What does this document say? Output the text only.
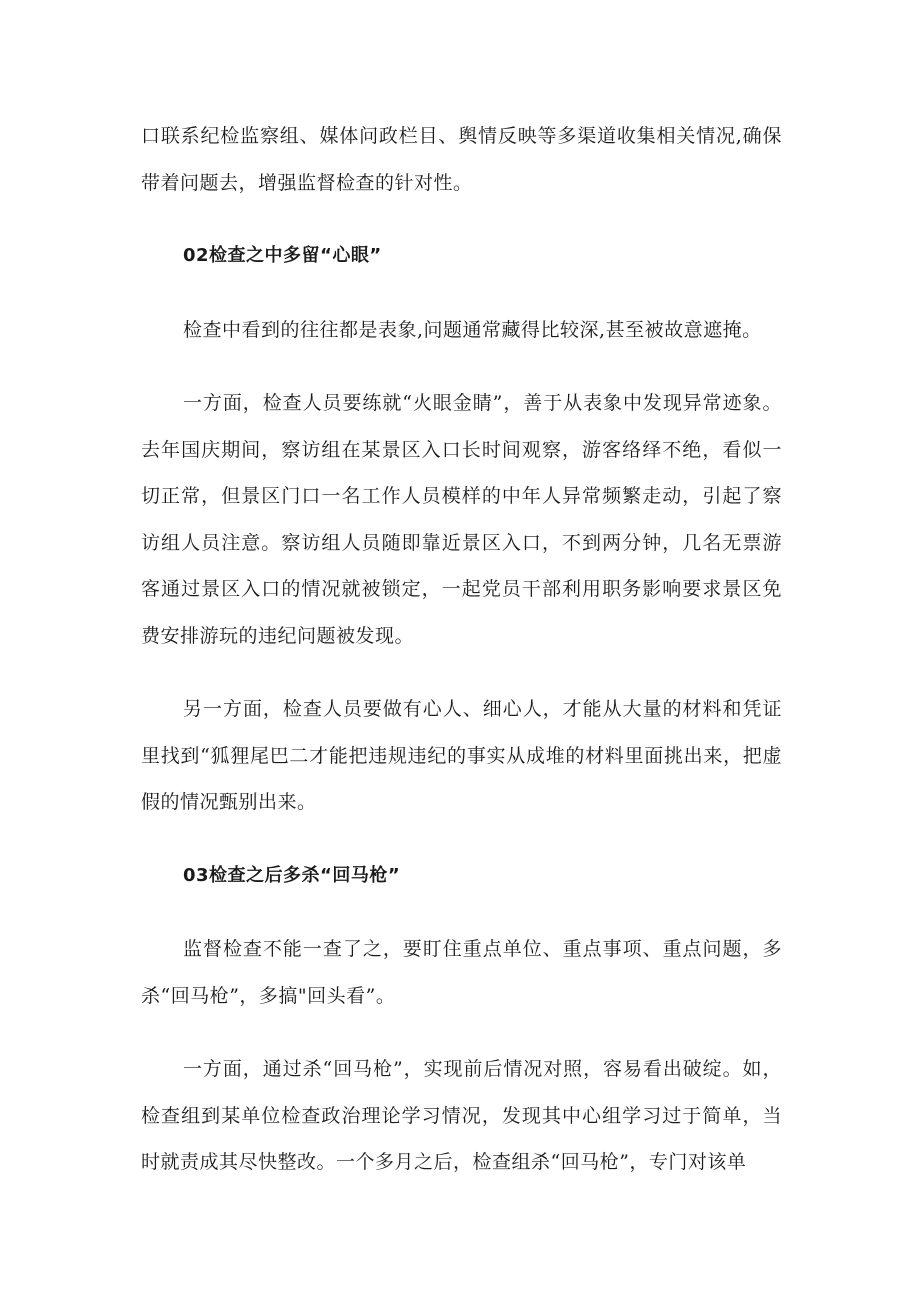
口联系纪检监察组、媒体问政栏目、舆情反映等多渠道收集相关情况,确保带着问题去，增强监督检查的针对性。

02检查之中多留“心眼”

检查中看到的往往都是表象,问题通常藏得比较深,甚至被故意遮掩。

一方面，检查人员要练就“火眼金睛”，善于从表象中发现异常迹象。去年国庆期间，察访组在某景区入口长时间观察，游客络绎不绝，看似一切正常，但景区门口一名工作人员模样的中年人异常频繁走动，引起了察访组人员注意。察访组人员随即靠近景区入口，不到两分钟，几名无票游客通过景区入口的情况就被锁定，一起党员干部利用职务影响要求景区免费安排游玩的违纪问题被发现。

另一方面，检查人员要做有心人、细心人，才能从大量的材料和凭证里找到“狐狸尾巴二才能把违规违纪的事实从成堆的材料里面挑出来，把虚假的情况甄别出来。

03检查之后多杀“回马枪”

监督检查不能一查了之，要盯住重点单位、重点事项、重点问题，多杀“回马枪”，多搞"回头看”。

一方面，通过杀“回马枪”，实现前后情况对照，容易看出破绽。如，检查组到某单位检查政治理论学习情况，发现其中心组学习过于简单，当时就责成其尽快整改。一个多月之后，检查组杀“回马枪”，专门对该单
